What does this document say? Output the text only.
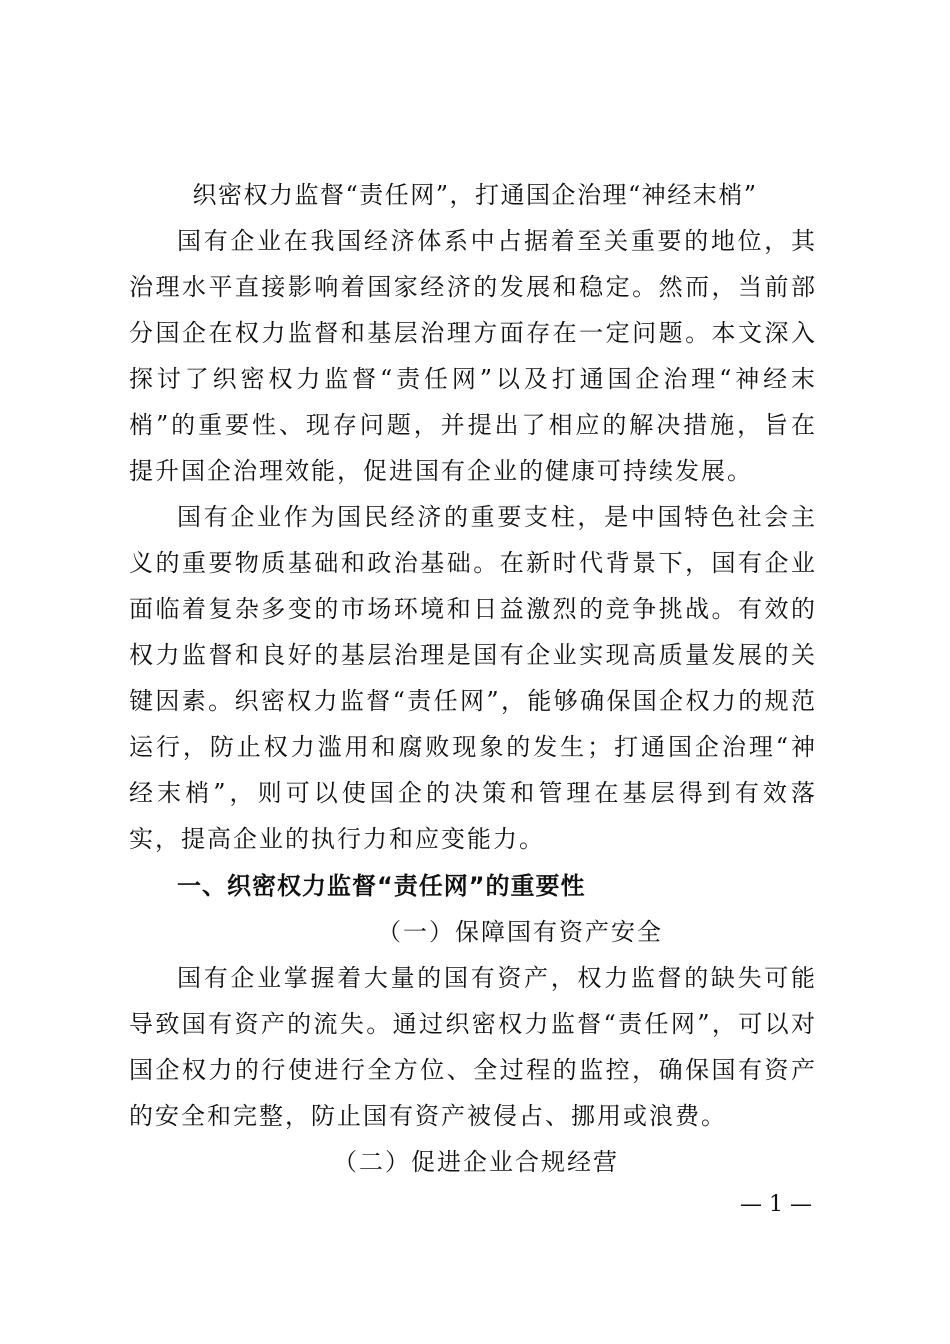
织密权力监督“责任网”，打通国企治理“神经末梢”

国有企业在我国经济体系中占据着至关重要的地位，其治理水平直接影响着国家经济的发展和稳定。然而，当前部分国企在权力监督和基层治理方面存在一定问题。本文深入探讨了织密权力监督“责任网”以及打通国企治理“神经末梢”的重要性、现存问题，并提出了相应的解决措施，旨在提升国企治理效能，促进国有企业的健康可持续发展。

国有企业作为国民经济的重要支柱，是中国特色社会主义的重要物质基础和政治基础。在新时代背景下，国有企业面临着复杂多变的市场环境和日益激烈的竞争挑战。有效的权力监督和良好的基层治理是国有企业实现高质量发展的关键因素。织密权力监督“责任网”，能够确保国企权力的规范运行，防止权力滥用和腐败现象的发生；打通国企治理“神经末梢”，则可以使国企的决策和管理在基层得到有效落实，提高企业的执行力和应变能力。

一、织密权力监督“责任网”的重要性
（一）保障国有资产安全

国有企业掌握着大量的国有资产，权力监督的缺失可能导致国有资产的流失。通过织密权力监督“责任网”，可以对国企权力的行使进行全方位、全过程的监控，确保国有资产的安全和完整，防止国有资产被侵占、挪用或浪费。

（二）促进企业合规经营
— 1 —
